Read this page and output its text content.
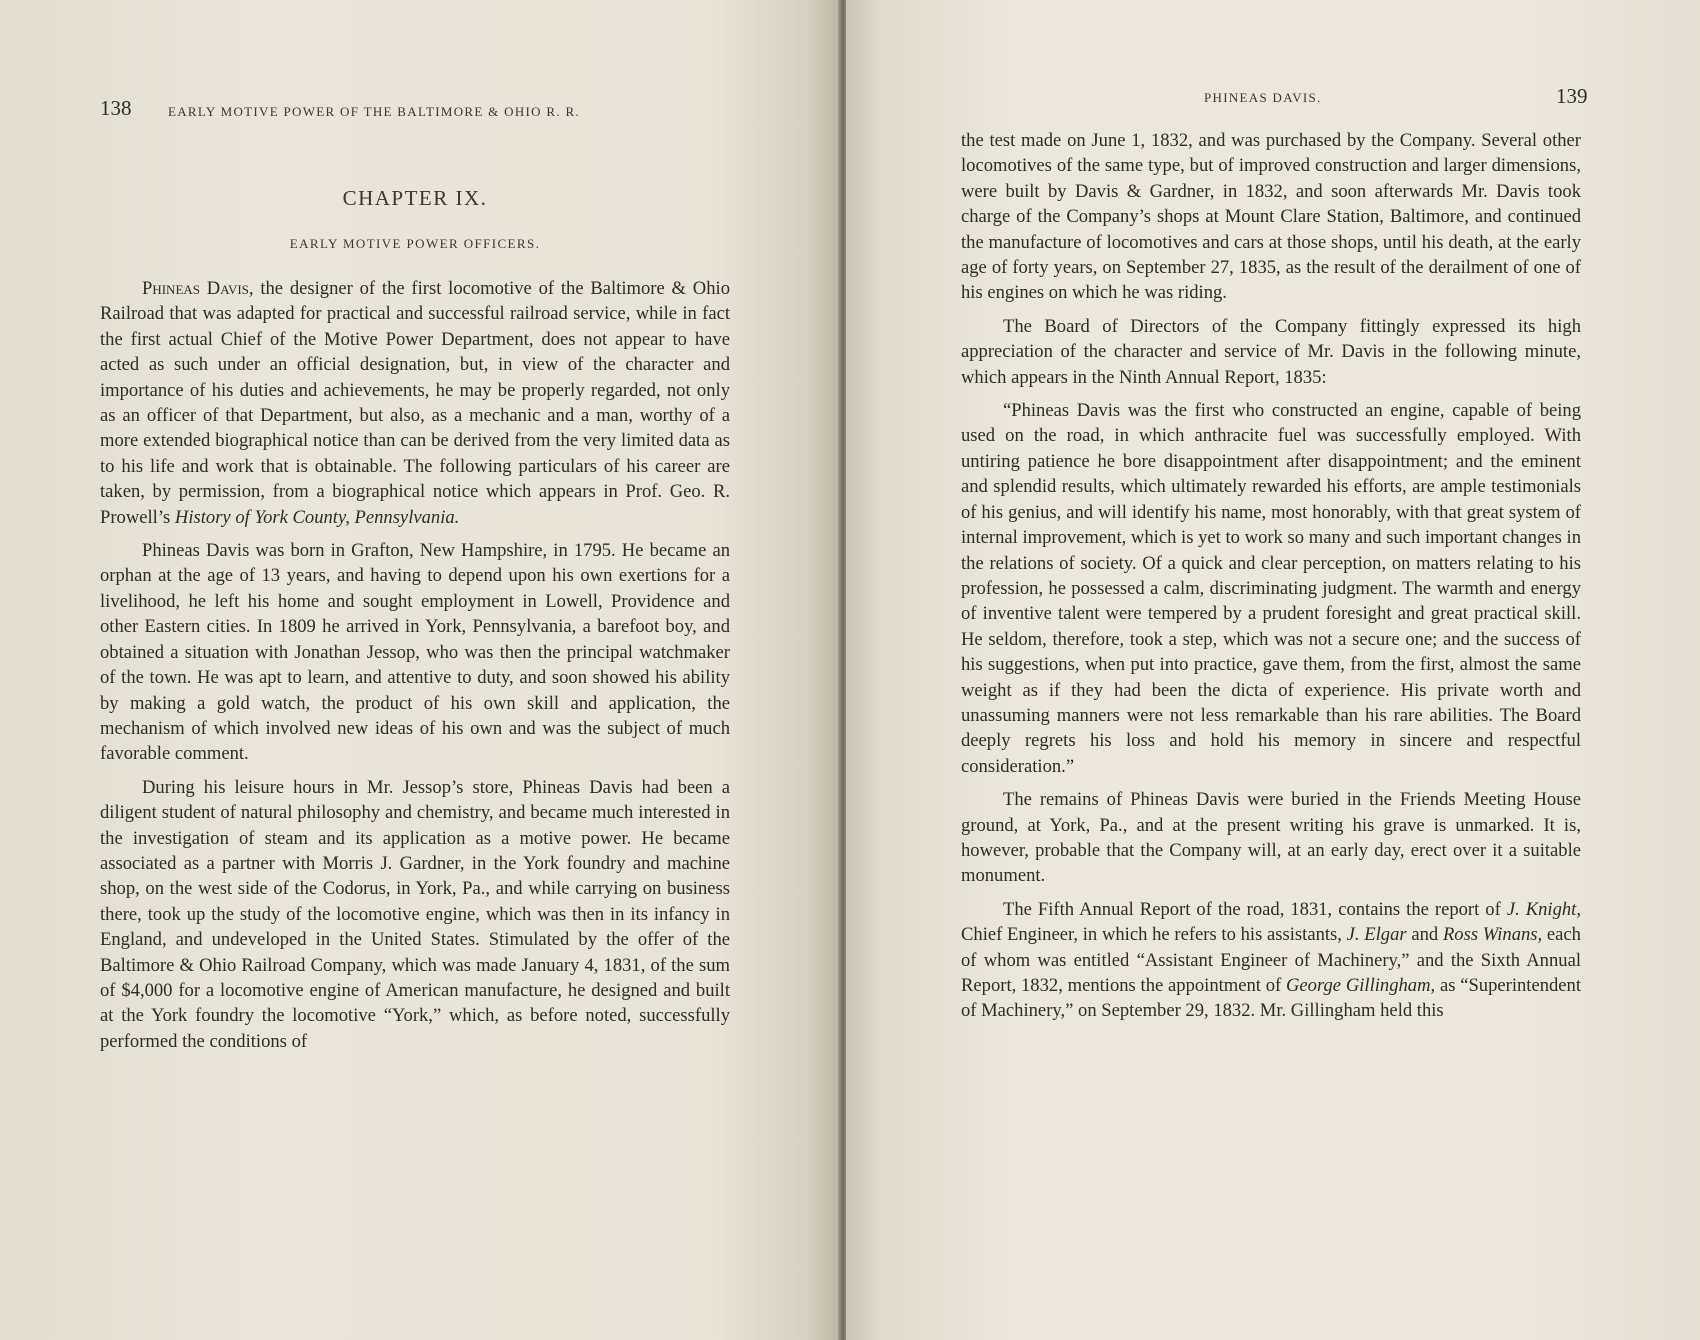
138	EARLY MOTIVE POWER OF THE BALTIMORE & OHIO R. R.
CHAPTER IX.
EARLY MOTIVE POWER OFFICERS.

Phineas Davis, the designer of the first locomotive of the Baltimore & Ohio Railroad that was adapted for practical and successful railroad service, while in fact the first actual Chief of the Motive Power Department, does not appear to have acted as such under an official designation, but, in view of the character and importance of his duties and achievements, he may be properly regarded, not only as an officer of that Department, but also, as a mechanic and a man, worthy of a more extended biographical notice than can be derived from the very limited data as to his life and work that is obtainable. The following particulars of his career are taken, by permission, from a biographical notice which appears in Prof. Geo. R. Prowell’s History of York County, Pennsylvania.

Phineas Davis was born in Grafton, New Hampshire, in 1795. He became an orphan at the age of 13 years, and having to depend upon his own exertions for a livelihood, he left his home and sought employment in Lowell, Providence and other Eastern cities. In 1809 he arrived in York, Pennsylvania, a barefoot boy, and obtained a situation with Jonathan Jessop, who was then the principal watchmaker of the town. He was apt to learn, and attentive to duty, and soon showed his ability by making a gold watch, the product of his own skill and application, the mechanism of which involved new ideas of his own and was the subject of much favorable comment.

During his leisure hours in Mr. Jessop’s store, Phineas Davis had been a diligent student of natural philosophy and chemistry, and became much interested in the investigation of steam and its application as a motive power. He became associated as a partner with Morris J. Gardner, in the York foundry and machine shop, on the west side of the Codorus, in York, Pa., and while carrying on business there, took up the study of the locomotive engine, which was then in its infancy in England, and undeveloped in the United States. Stimulated by the offer of the Baltimore & Ohio Railroad Company, which was made January 4, 1831, of the sum of $4,000 for a locomotive engine of American manufacture, he designed and built at the York foundry the locomotive “York,” which, as before noted, successfully performed the conditions of

PHINEAS DAVIS.	139

the test made on June 1, 1832, and was purchased by the Company. Several other locomotives of the same type, but of improved construction and larger dimensions, were built by Davis & Gardner, in 1832, and soon afterwards Mr. Davis took charge of the Company’s shops at Mount Clare Station, Baltimore, and continued the manufacture of locomotives and cars at those shops, until his death, at the early age of forty years, on September 27, 1835, as the result of the derailment of one of his engines on which he was riding.

The Board of Directors of the Company fittingly expressed its high appreciation of the character and service of Mr. Davis in the following minute, which appears in the Ninth Annual Report, 1835:

“Phineas Davis was the first who constructed an engine, capable of being used on the road, in which anthracite fuel was successfully employed. With untiring patience he bore disappointment after disappointment; and the eminent and splendid results, which ultimately rewarded his efforts, are ample testimonials of his genius, and will identify his name, most honorably, with that great system of internal improvement, which is yet to work so many and such important changes in the relations of society. Of a quick and clear perception, on matters relating to his profession, he possessed a calm, discriminating judgment. The warmth and energy of inventive talent were tempered by a prudent foresight and great practical skill. He seldom, therefore, took a step, which was not a secure one; and the success of his suggestions, when put into practice, gave them, from the first, almost the same weight as if they had been the dicta of experience. His private worth and unassuming manners were not less remarkable than his rare abilities. The Board deeply regrets his loss and hold his memory in sincere and respectful consideration.”

The remains of Phineas Davis were buried in the Friends Meeting House ground, at York, Pa., and at the present writing his grave is unmarked. It is, however, probable that the Company will, at an early day, erect over it a suitable monument.

The Fifth Annual Report of the road, 1831, contains the report of J. Knight, Chief Engineer, in which he refers to his assistants, J. Elgar and Ross Winans, each of whom was entitled “Assistant Engineer of Machinery,” and the Sixth Annual Report, 1832, mentions the appointment of George Gillingham, as “Superintendent of Machinery,” on September 29, 1832. Mr. Gillingham held this
